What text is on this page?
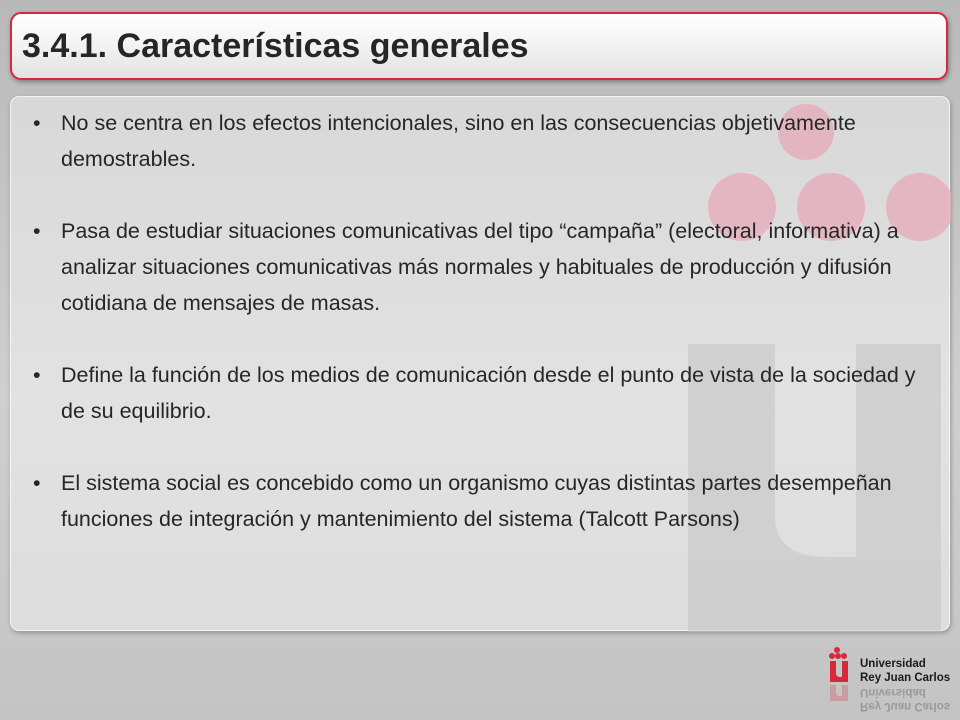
3.4.1. Características generales
• No se centra en los efectos intencionales, sino en las consecuencias objetivamente demostrables.
• Pasa de estudiar situaciones comunicativas del tipo “campaña” (electoral, informativa) a analizar situaciones comunicativas más normales y habituales de producción y difusión cotidiana de mensajes de masas.
• Define la función de los medios de comunicación desde el punto de vista de la sociedad y de su equilibrio.
• El sistema social es concebido como un organismo cuyas distintas partes desempeñan funciones de integración y mantenimiento del sistema (Talcott Parsons)
Universidad
Rey Juan Carlos
Rey Juan Carlos
Universidad
